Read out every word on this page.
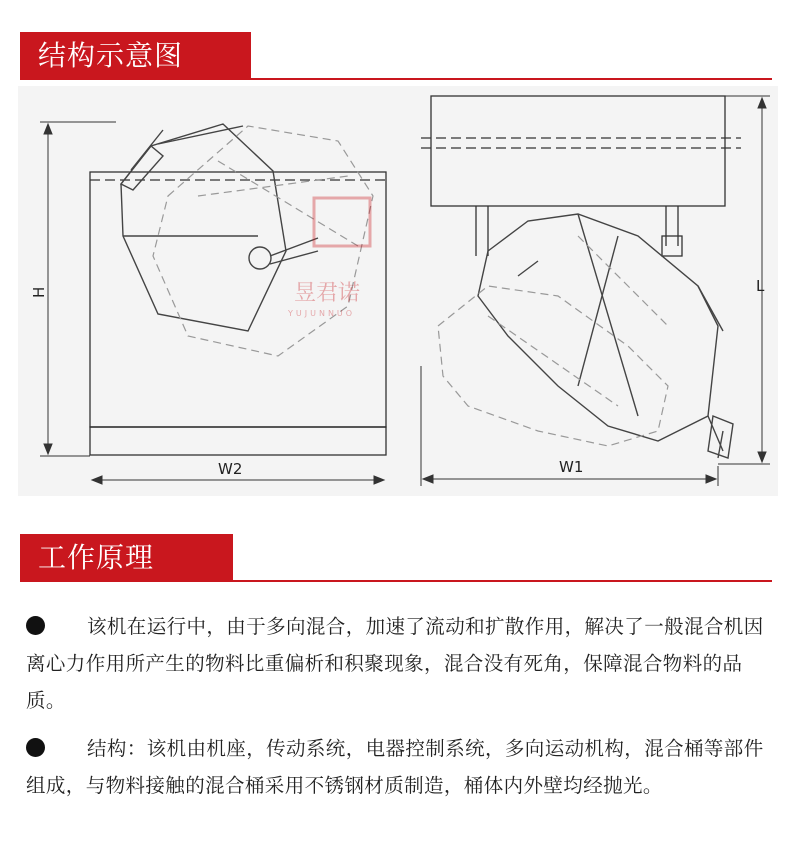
结构示意图
H
W2
L
W1
昱君诺
YUJUNNUO
工作原理
该机在运行中，由于多向混合，加速了流动和扩散作用，解决了一般混合机因离心力作用所产生的物料比重偏析和积聚现象，混合没有死角，保障混合物料的品质。
结构：该机由机座，传动系统，电器控制系统，多向运动机构，混合桶等部件组成，与物料接触的混合桶采用不锈钢材质制造，桶体内外壁均经抛光。
